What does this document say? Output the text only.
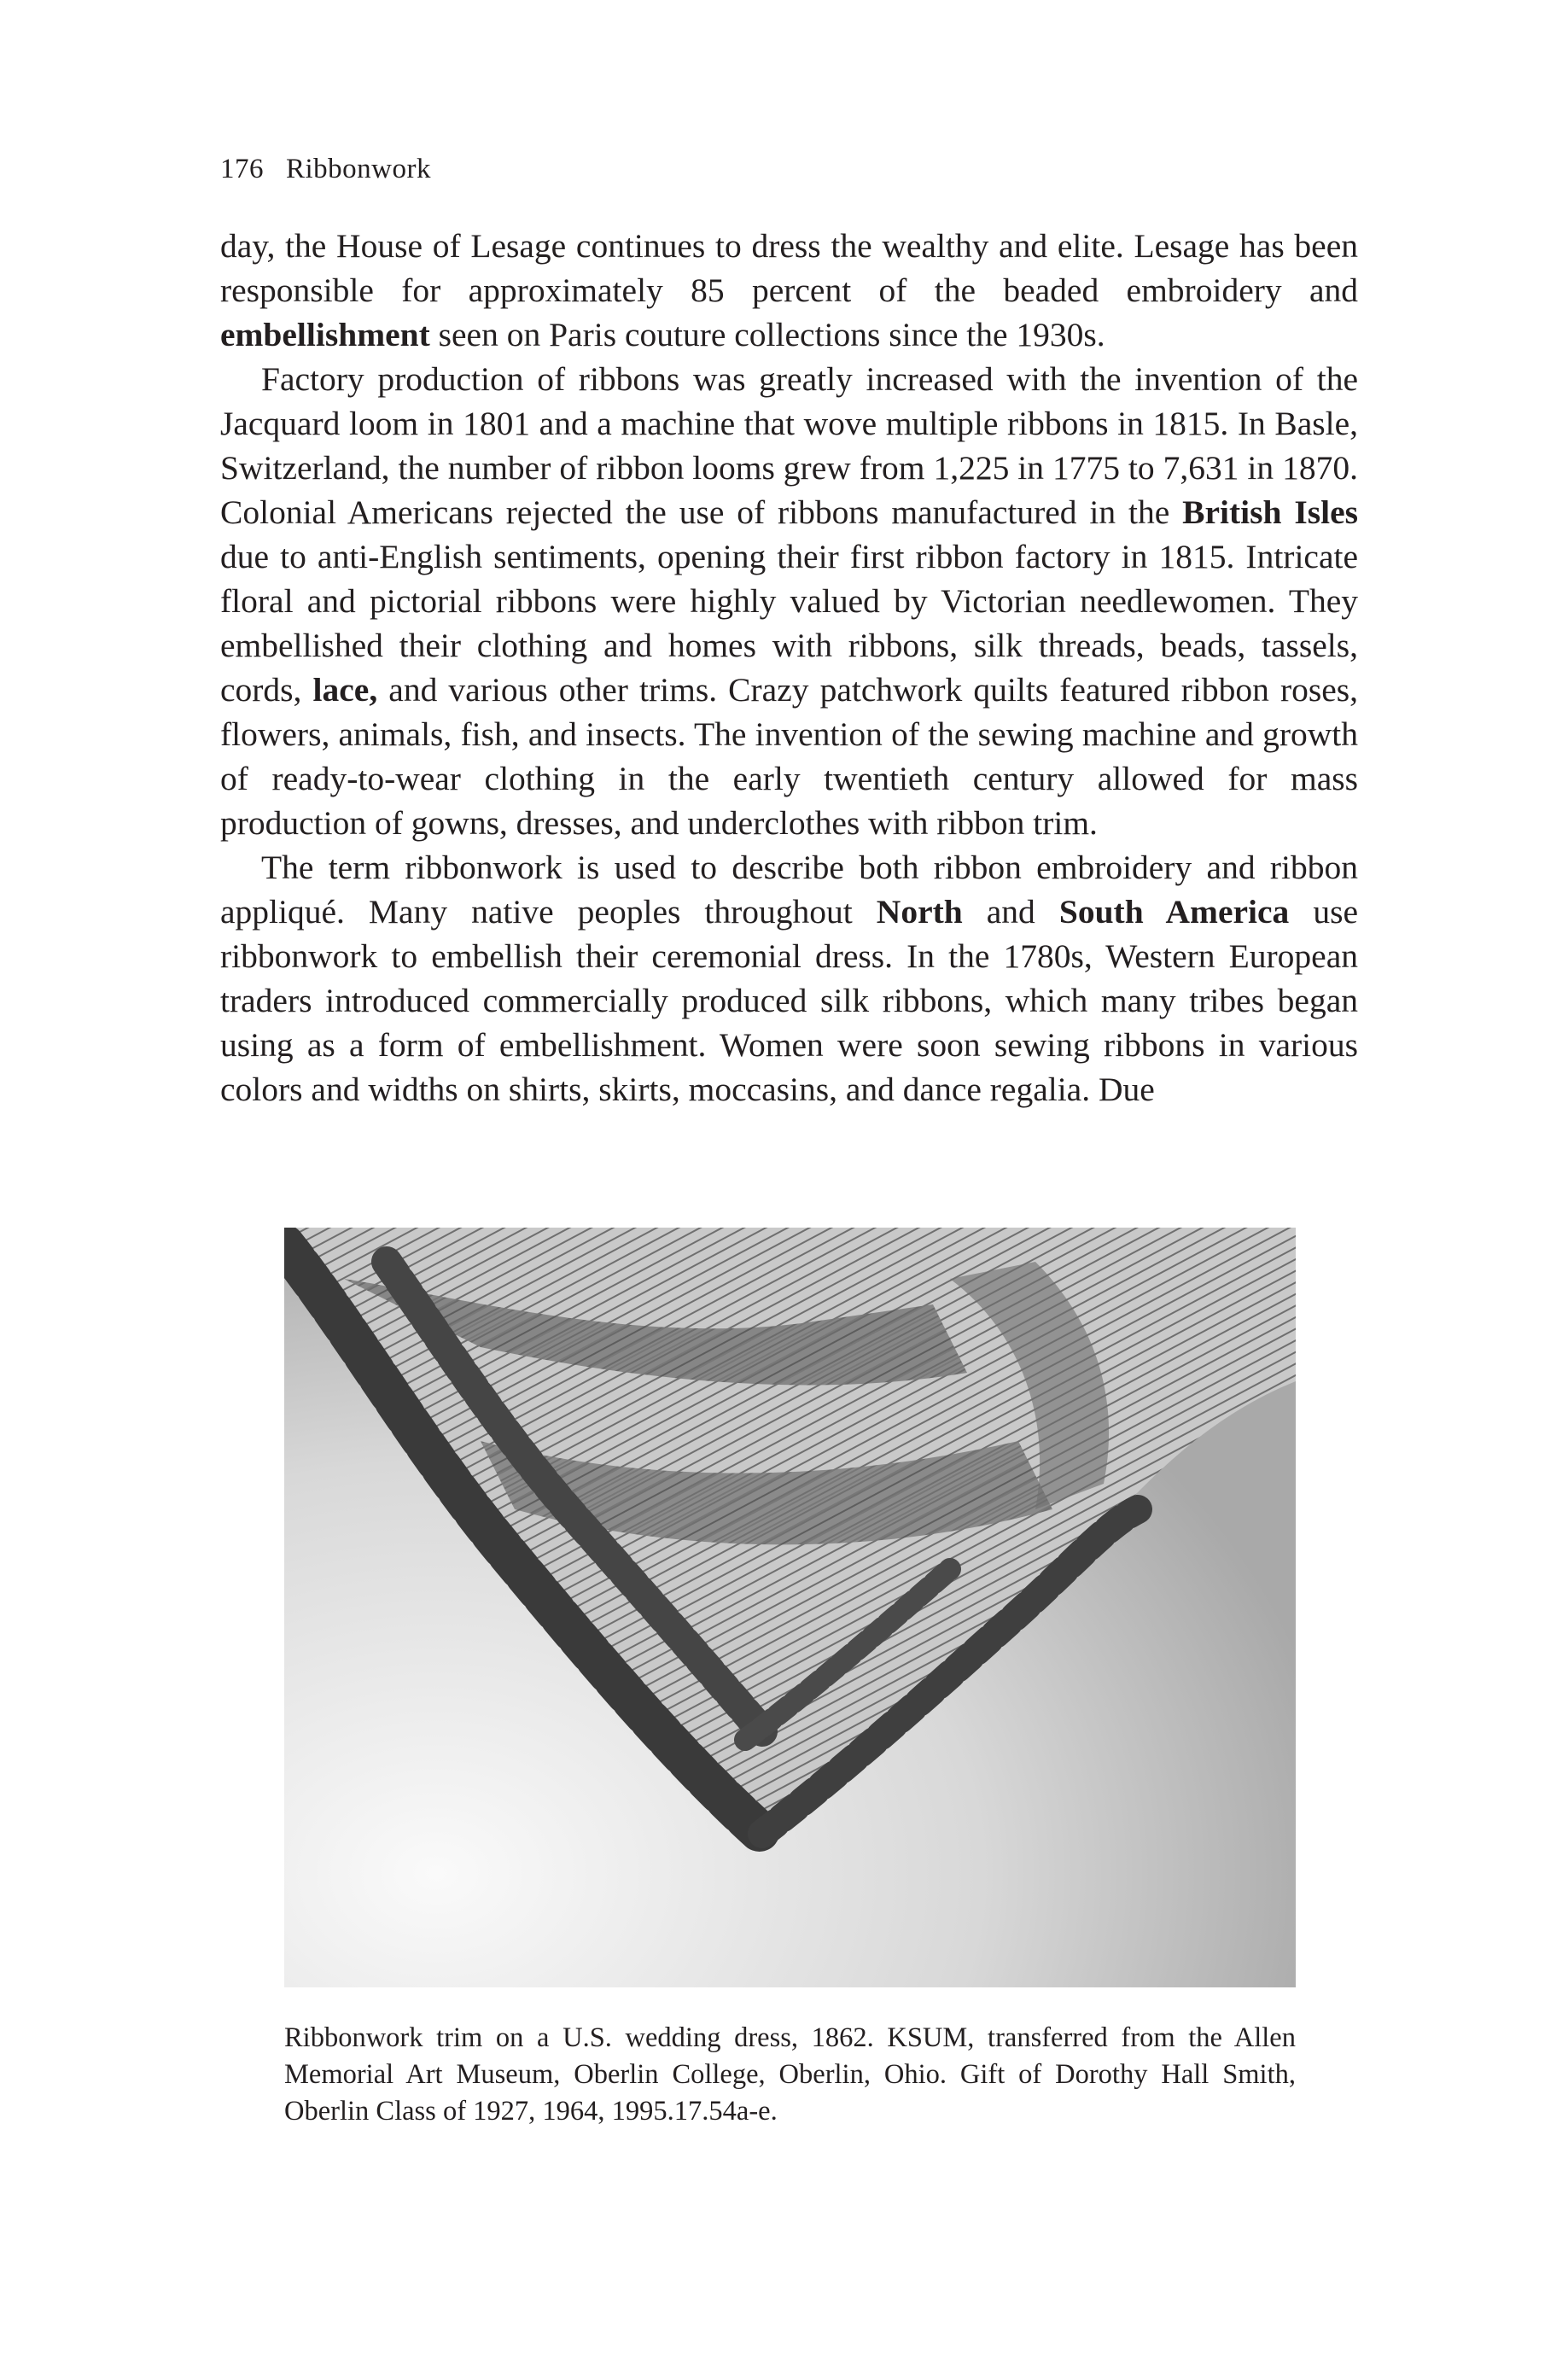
176 Ribbonwork

day, the House of Lesage continues to dress the wealthy and elite. Lesage has been responsible for approximately 85 percent of the beaded embroidery and embellishment seen on Paris couture collections since the 1930s.

Factory production of ribbons was greatly increased with the invention of the Jacquard loom in 1801 and a machine that wove multiple ribbons in 1815. In Basle, Switzerland, the number of ribbon looms grew from 1,225 in 1775 to 7,631 in 1870. Colonial Americans rejected the use of ribbons manufactured in the British Isles due to anti-English sentiments, opening their first ribbon factory in 1815. Intricate floral and pictorial ribbons were highly valued by Victorian needlewomen. They embellished their clothing and homes with ribbons, silk threads, beads, tassels, cords, lace, and various other trims. Crazy patchwork quilts featured ribbon roses, flowers, animals, fish, and insects. The invention of the sewing machine and growth of ready-to-wear clothing in the early twentieth century allowed for mass production of gowns, dresses, and underclothes with ribbon trim.

The term ribbonwork is used to describe both ribbon embroidery and ribbon appliqué. Many native peoples throughout North and South America use ribbonwork to embellish their ceremonial dress. In the 1780s, Western European traders introduced commercially produced silk ribbons, which many tribes began using as a form of embellishment. Women were soon sewing ribbons in various colors and widths on shirts, skirts, moccasins, and dance regalia. Due

Ribbonwork trim on a U.S. wedding dress, 1862. KSUM, transferred from the Allen Memorial Art Museum, Oberlin College, Oberlin, Ohio. Gift of Dorothy Hall Smith, Oberlin Class of 1927, 1964, 1995.17.54a-e.
